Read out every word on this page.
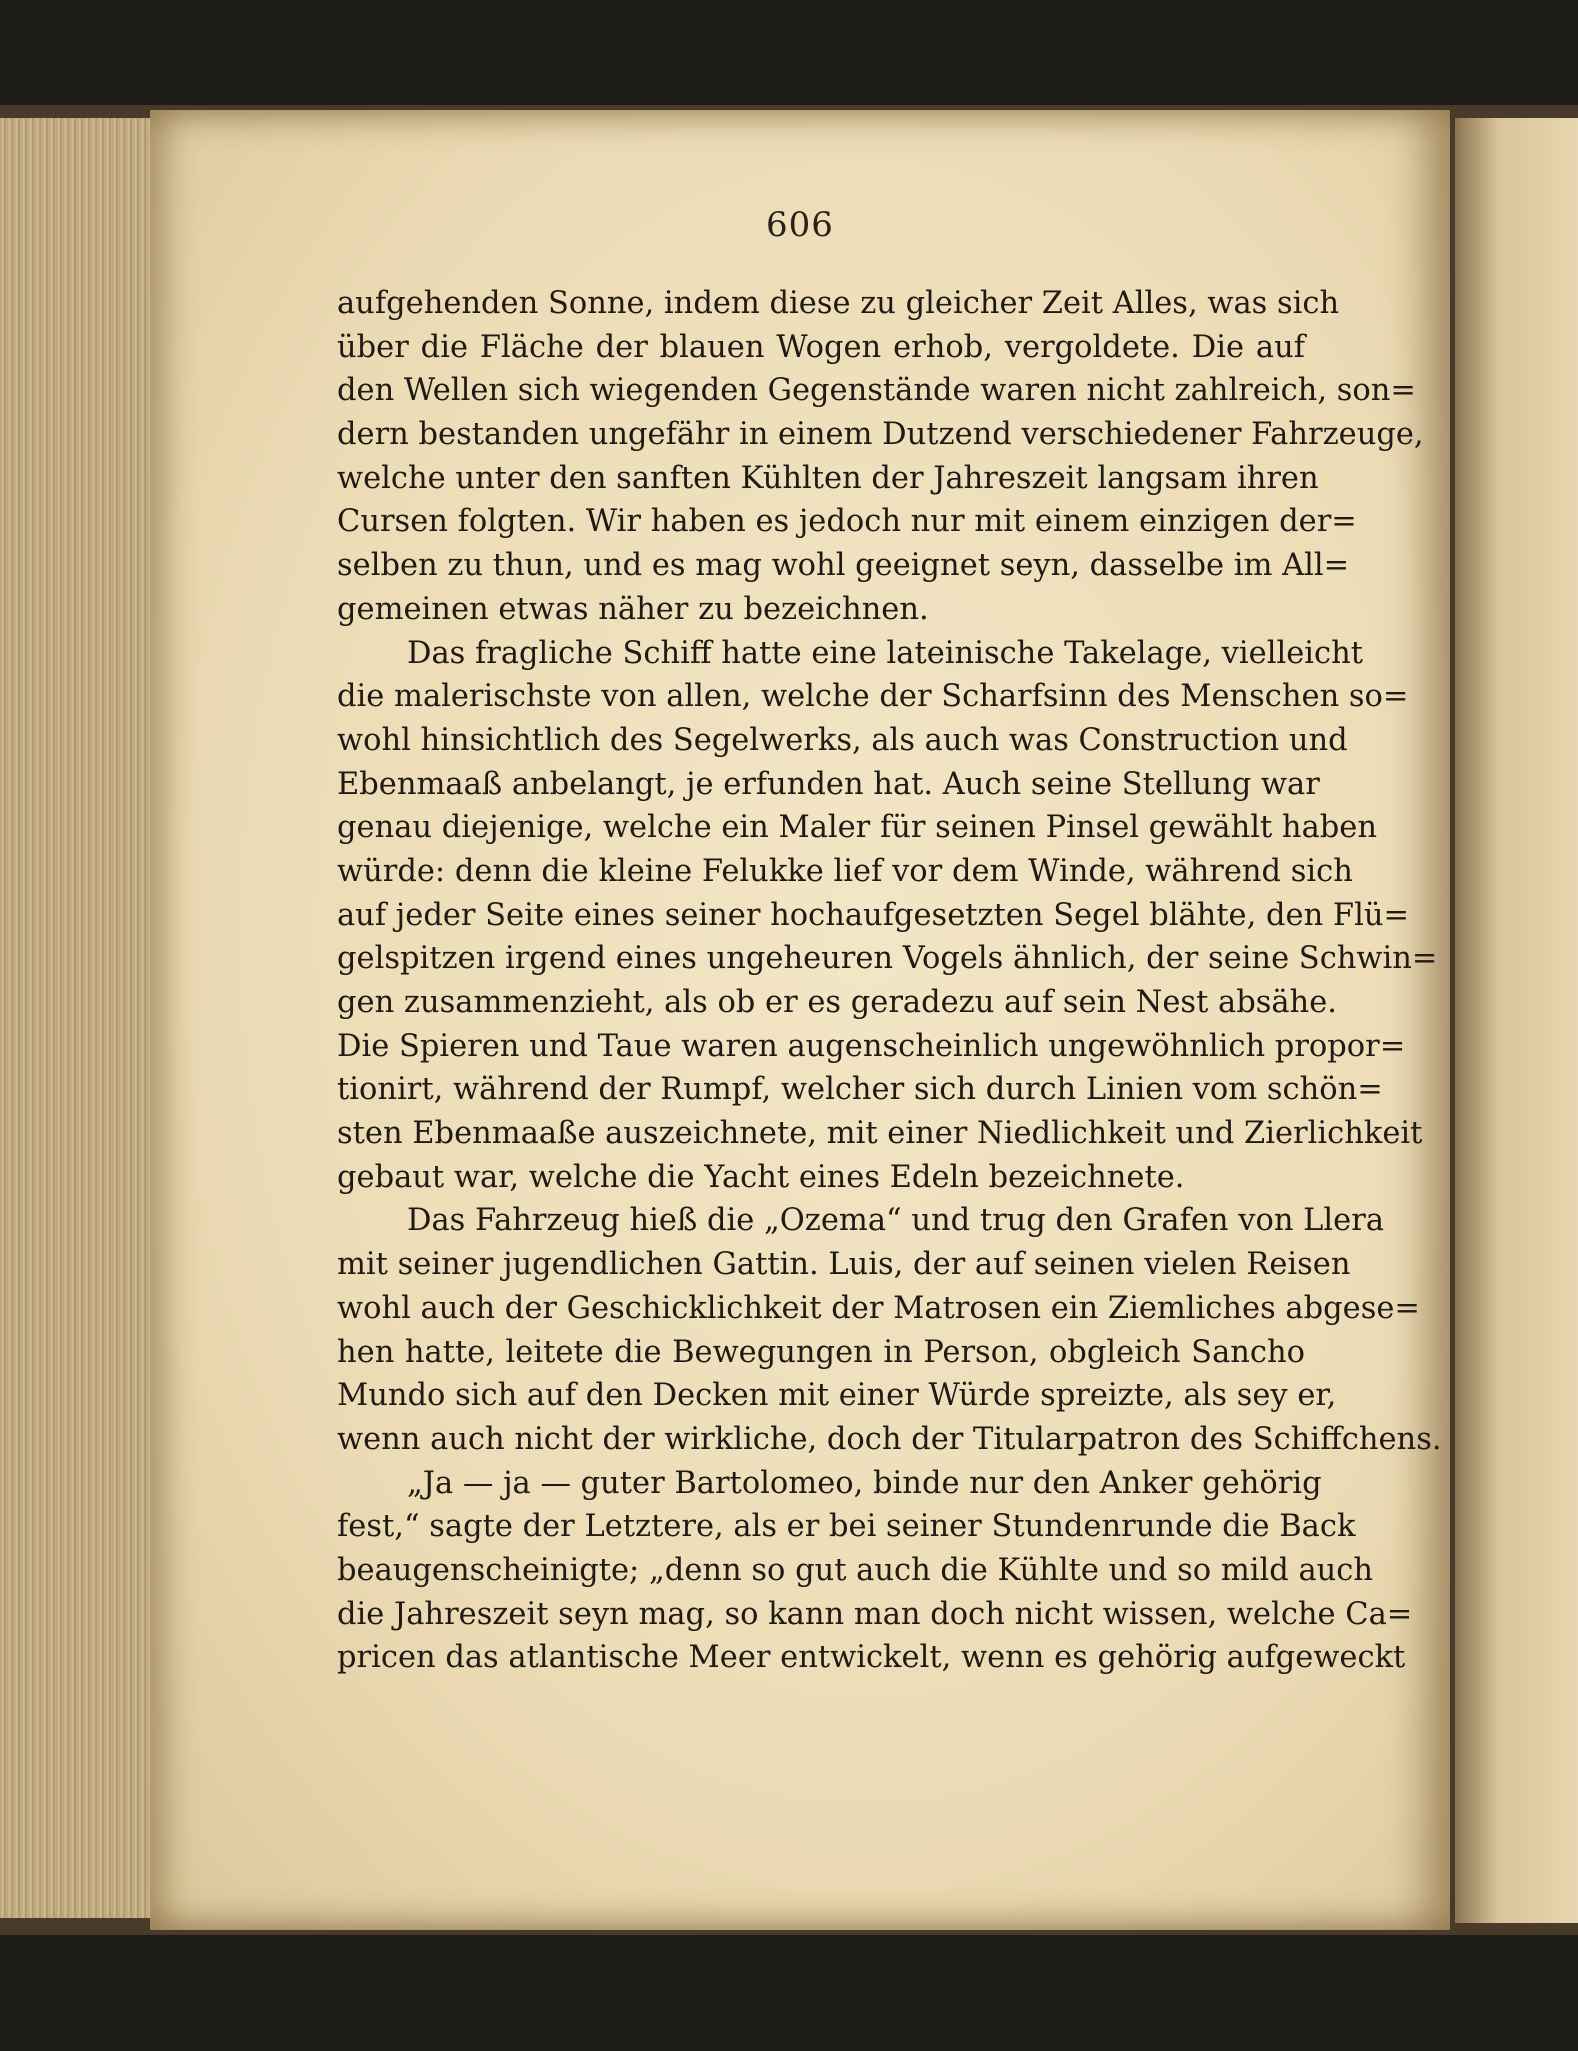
606
aufgehenden Sonne, indem diese zu gleicher Zeit Alles, was sich
über die Fläche der blauen Wogen erhob, vergoldete. Die auf
den Wellen sich wiegenden Gegenstände waren nicht zahlreich, son=
dern bestanden ungefähr in einem Dutzend verschiedener Fahrzeuge,
welche unter den sanften Kühlten der Jahreszeit langsam ihren
Cursen folgten. Wir haben es jedoch nur mit einem einzigen der=
selben zu thun, und es mag wohl geeignet seyn, dasselbe im All=
gemeinen etwas näher zu bezeichnen.
Das fragliche Schiff hatte eine lateinische Takelage, vielleicht
die malerischste von allen, welche der Scharfsinn des Menschen so=
wohl hinsichtlich des Segelwerks, als auch was Construction und
Ebenmaaß anbelangt, je erfunden hat. Auch seine Stellung war
genau diejenige, welche ein Maler für seinen Pinsel gewählt haben
würde: denn die kleine Felukke lief vor dem Winde, während sich
auf jeder Seite eines seiner hochaufgesetzten Segel blähte, den Flü=
gelspitzen irgend eines ungeheuren Vogels ähnlich, der seine Schwin=
gen zusammenzieht, als ob er es geradezu auf sein Nest absähe.
Die Spieren und Taue waren augenscheinlich ungewöhnlich propor=
tionirt, während der Rumpf, welcher sich durch Linien vom schön=
sten Ebenmaaße auszeichnete, mit einer Niedlichkeit und Zierlichkeit
gebaut war, welche die Yacht eines Edeln bezeichnete.
Das Fahrzeug hieß die „Ozema“ und trug den Grafen von Llera
mit seiner jugendlichen Gattin. Luis, der auf seinen vielen Reisen
wohl auch der Geschicklichkeit der Matrosen ein Ziemliches abgese=
hen hatte, leitete die Bewegungen in Person, obgleich Sancho
Mundo sich auf den Decken mit einer Würde spreizte, als sey er,
wenn auch nicht der wirkliche, doch der Titularpatron des Schiffchens.
„Ja — ja — guter Bartolomeo, binde nur den Anker gehörig
fest,“ sagte der Letztere, als er bei seiner Stundenrunde die Back
beaugenscheinigte; „denn so gut auch die Kühlte und so mild auch
die Jahreszeit seyn mag, so kann man doch nicht wissen, welche Ca=
pricen das atlantische Meer entwickelt, wenn es gehörig aufgeweckt
